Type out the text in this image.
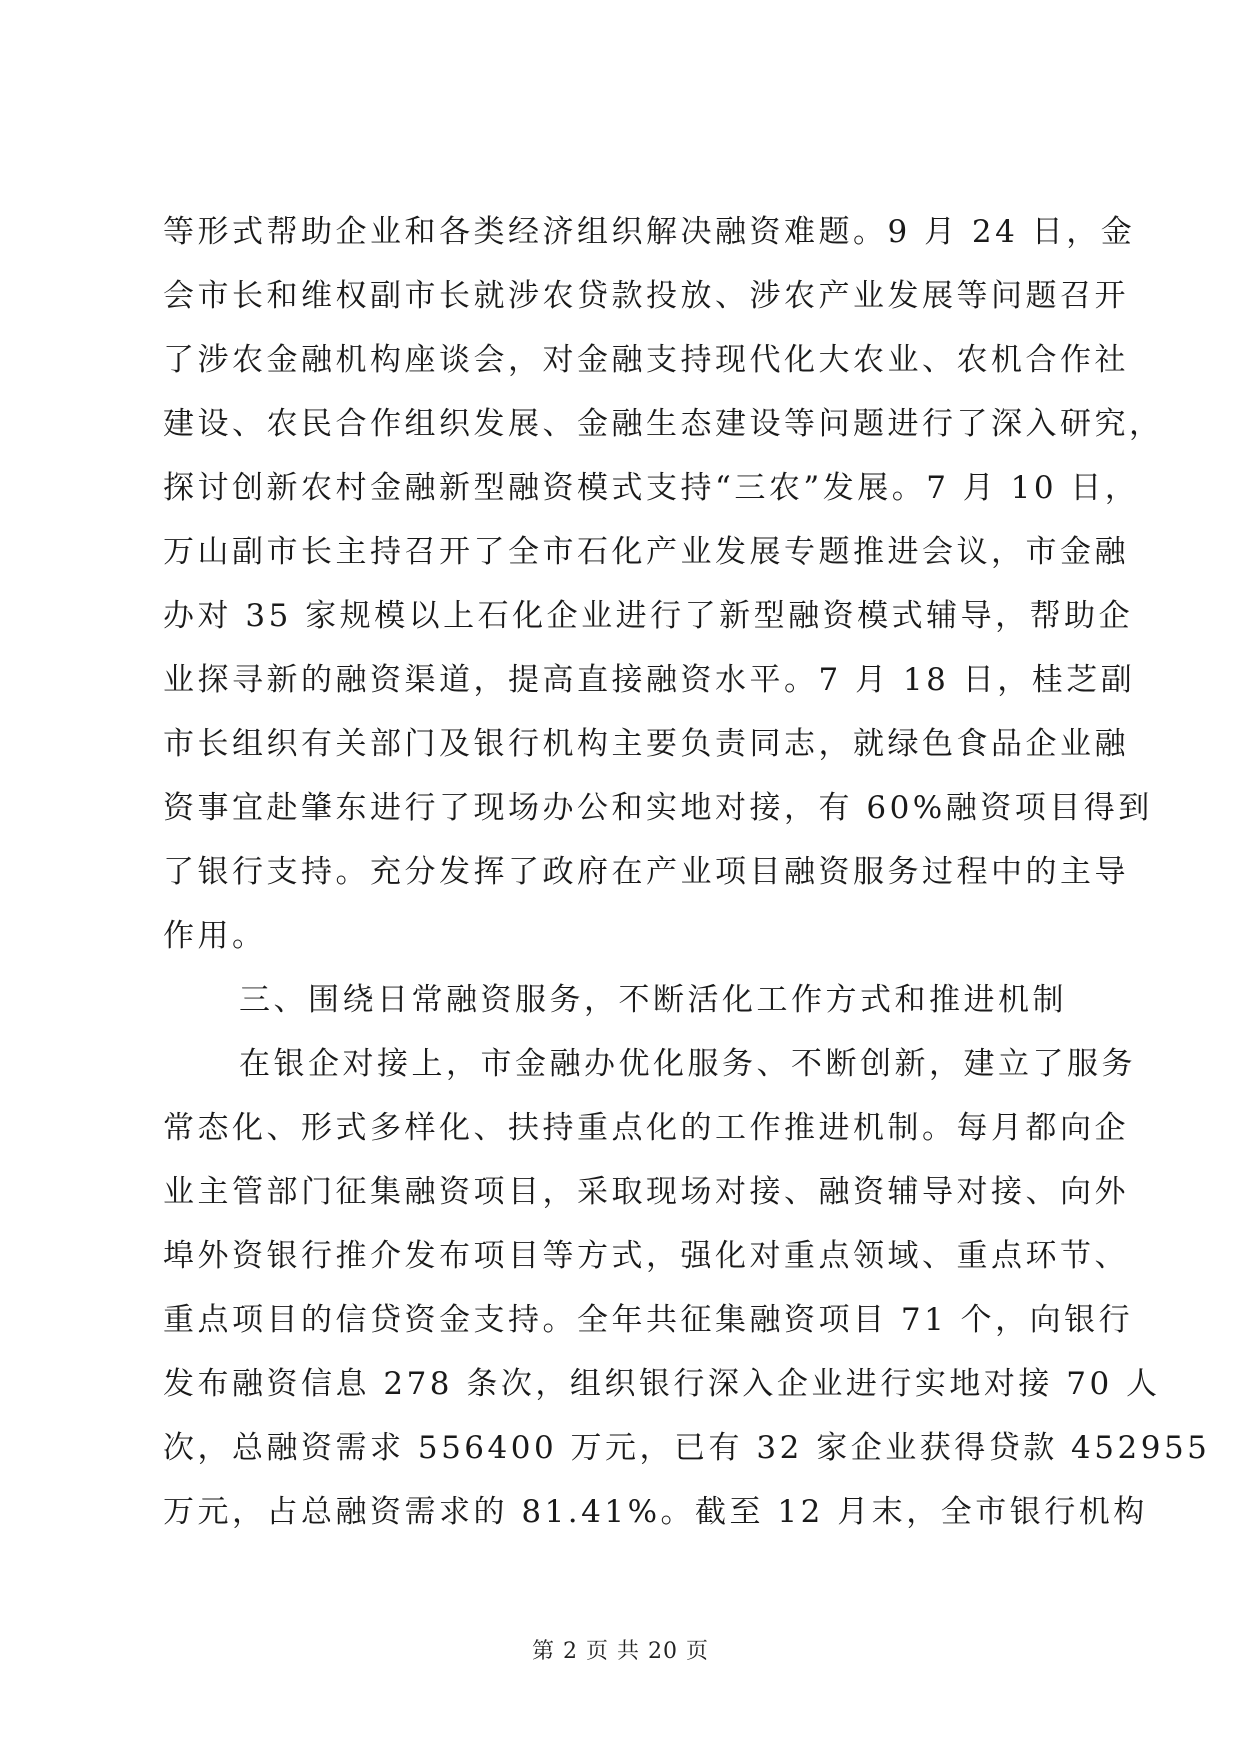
等形式帮助企业和各类经济组织解决融资难题。9 月 24 日，金
会市长和维权副市长就涉农贷款投放、涉农产业发展等问题召开
了涉农金融机构座谈会，对金融支持现代化大农业、农机合作社
建设、农民合作组织发展、金融生态建设等问题进行了深入研究，
探讨创新农村金融新型融资模式支持“三农”发展。7 月 10 日，
万山副市长主持召开了全市石化产业发展专题推进会议，市金融
办对 35 家规模以上石化企业进行了新型融资模式辅导，帮助企
业探寻新的融资渠道，提高直接融资水平。7 月 18 日，桂芝副
市长组织有关部门及银行机构主要负责同志，就绿色食品企业融
资事宜赴肇东进行了现场办公和实地对接，有 60%融资项目得到
了银行支持。充分发挥了政府在产业项目融资服务过程中的主导
作用。
三、围绕日常融资服务，不断活化工作方式和推进机制
在银企对接上，市金融办优化服务、不断创新，建立了服务
常态化、形式多样化、扶持重点化的工作推进机制。每月都向企
业主管部门征集融资项目，采取现场对接、融资辅导对接、向外
埠外资银行推介发布项目等方式，强化对重点领域、重点环节、
重点项目的信贷资金支持。全年共征集融资项目 71 个，向银行
发布融资信息 278 条次，组织银行深入企业进行实地对接 70 人
次，总融资需求 556400 万元，已有 32 家企业获得贷款 452955
万元，占总融资需求的 81.41%。截至 12 月末，全市银行机构
第 2 页 共 20 页
